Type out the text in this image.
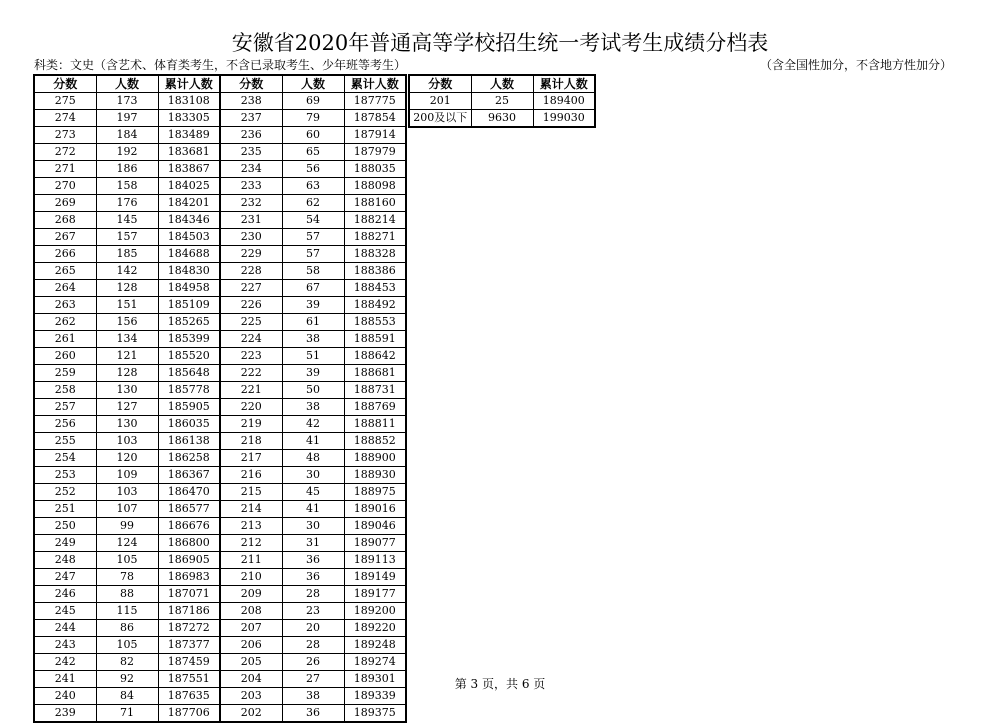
安徽省2020年普通高等学校招生统一考试考生成绩分档表
科类：文史（含艺术、体育类考生，不含已录取考生、少年班等考生）	（含全国性加分，不含地方性加分）
分数	人数	累计人数	分数	人数	累计人数
275	173	183108	238	69	187775
274	197	183305	237	79	187854
273	184	183489	236	60	187914
272	192	183681	235	65	187979
271	186	183867	234	56	188035
270	158	184025	233	63	188098
269	176	184201	232	62	188160
268	145	184346	231	54	188214
267	157	184503	230	57	188271
266	185	184688	229	57	188328
265	142	184830	228	58	188386
264	128	184958	227	67	188453
263	151	185109	226	39	188492
262	156	185265	225	61	188553
261	134	185399	224	38	188591
260	121	185520	223	51	188642
259	128	185648	222	39	188681
258	130	185778	221	50	188731
257	127	185905	220	38	188769
256	130	186035	219	42	188811
255	103	186138	218	41	188852
254	120	186258	217	48	188900
253	109	186367	216	30	188930
252	103	186470	215	45	188975
251	107	186577	214	41	189016
250	99	186676	213	30	189046
249	124	186800	212	31	189077
248	105	186905	211	36	189113
247	78	186983	210	36	189149
246	88	187071	209	28	189177
245	115	187186	208	23	189200
244	86	187272	207	20	189220
243	105	187377	206	28	189248
242	82	187459	205	26	189274
241	92	187551	204	27	189301
240	84	187635	203	38	189339
239	71	187706	202	36	189375
分数	人数	累计人数
201	25	189400
200及以下	9630	199030
第 3 页，共 6 页
